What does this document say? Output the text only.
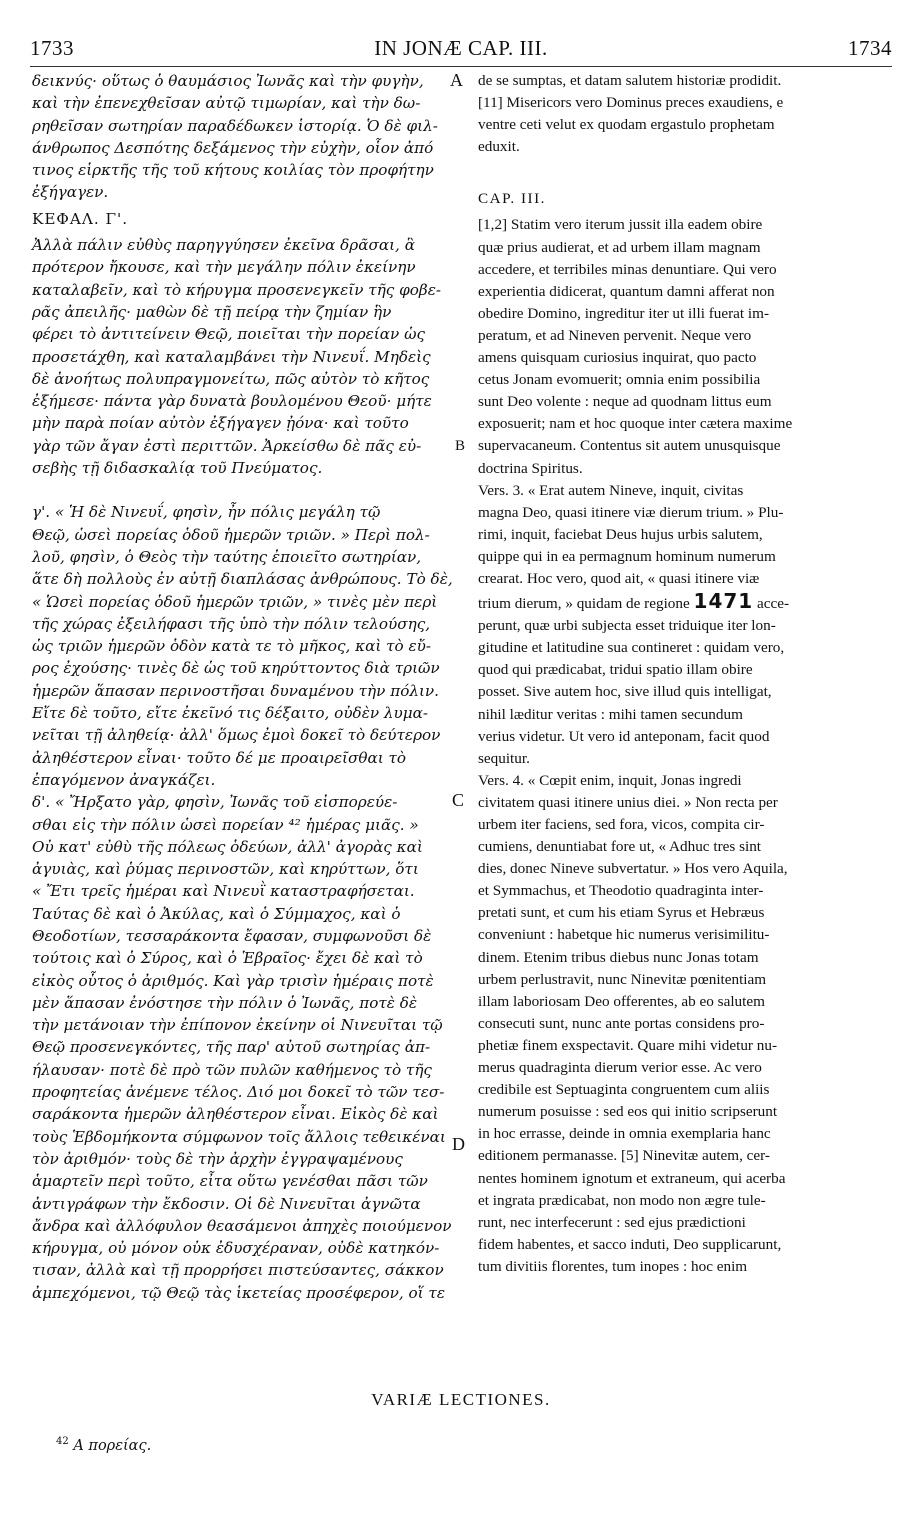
1733	IN JONÆ CAP. III.	1734
A
B
C
D
δεικνύς· οὕτως ὁ θαυμάσιος Ἰωνᾶς καὶ τὴν φυγὴν,
καὶ τὴν ἐπενεχθεῖσαν αὐτῷ τιμωρίαν, καὶ τὴν δω-
ρηθεῖσαν σωτηρίαν παραδέδωκεν ἱστορίᾳ. Ὁ δὲ φιλ-
άνθρωπος Δεσπότης δεξάμενος τὴν εὐχὴν, οἷον ἀπό
τινος εἱρκτῆς τῆς τοῦ κήτους κοιλίας τὸν προφήτην
ἐξήγαγεν.

ΚΕΦΑΛ. Γ'.

Ἀλλὰ πάλιν εὐθὺς παρηγγύησεν ἐκεῖνα δρᾶσαι, ἃ
πρότερον ἤκουσε, καὶ τὴν μεγάλην πόλιν ἐκείνην
καταλαβεῖν, καὶ τὸ κήρυγμα προσενεγκεῖν τῆς φοβε-
ρᾶς ἀπειλῆς· μαθὼν δὲ τῇ πείρᾳ τὴν ζημίαν ἣν
φέρει τὸ ἀντιτείνειν Θεῷ, ποιεῖται τὴν πορείαν ὡς
προσετάχθη, καὶ καταλαμβάνει τὴν Νινευΐ. Μηδεὶς
δὲ ἀνοήτως πολυπραγμονείτω, πῶς αὐτὸν τὸ κῆτος
ἐξήμεσε· πάντα γὰρ δυνατὰ βουλομένου Θεοῦ· μήτε
μὴν παρὰ ποίαν αὐτὸν ἐξήγαγεν ᾐόνα· καὶ τοῦτο
γὰρ τῶν ἄγαν ἐστὶ περιττῶν. Ἀρκείσθω δὲ πᾶς εὐ-
σεβὴς τῇ διδασκαλίᾳ τοῦ Πνεύματος.
γ'. « Ἡ δὲ Νινευΐ, φησὶν, ἦν πόλις μεγάλη τῷ
Θεῷ, ὡσεὶ πορείας ὁδοῦ ἡμερῶν τριῶν. » Περὶ πολ-
λοῦ, φησὶν, ὁ Θεὸς τὴν ταύτης ἐποιεῖτο σωτηρίαν,
ἅτε δὴ πολλοὺς ἐν αὐτῇ διαπλάσας ἀνθρώπους. Τὸ δὲ,
« Ὡσεὶ πορείας ὁδοῦ ἡμερῶν τριῶν, » τινὲς μὲν περὶ
τῆς χώρας ἐξειλήφασι τῆς ὑπὸ τὴν πόλιν τελούσης,
ὡς τριῶν ἡμερῶν ὁδὸν κατὰ τε τὸ μῆκος, καὶ τὸ εὔ-
ρος ἐχούσης· τινὲς δὲ ὡς τοῦ κηρύττοντος διὰ τριῶν
ἡμερῶν ἅπασαν περινοστῆσαι δυναμένου τὴν πόλιν.
Εἴτε δὲ τοῦτο, εἴτε ἐκεῖνό τις δέξαιτο, οὐδὲν λυμα-
νεῖται τῇ ἀληθείᾳ· ἀλλ' ὅμως ἐμοὶ δοκεῖ τὸ δεύτερον
ἀληθέστερον εἶναι· τοῦτο δέ με προαιρεῖσθαι τὸ
ἐπαγόμενον ἀναγκάζει.
δ'. « Ἤρξατο γὰρ, φησὶν, Ἰωνᾶς τοῦ εἰσπορεύε-
σθαι εἰς τὴν πόλιν ὡσεὶ πορείαν ⁴² ἡμέρας μιᾶς. »
Οὐ κατ' εὐθὺ τῆς πόλεως ὁδεύων, ἀλλ' ἀγορὰς καὶ
ἀγυιὰς, καὶ ῥύμας περινοστῶν, καὶ κηρύττων, ὅτι
« Ἔτι τρεῖς ἡμέραι καὶ Νινευῒ καταστραφήσεται.
Ταύτας δὲ καὶ ὁ Ἀκύλας, καὶ ὁ Σύμμαχος, καὶ ὁ
Θεοδοτίων, τεσσαράκοντα ἔφασαν, συμφωνοῦσι δὲ
τούτοις καὶ ὁ Σύρος, καὶ ὁ Ἑβραῖος· ἔχει δὲ καὶ τὸ
εἰκὸς οὗτος ὁ ἀριθμός. Καὶ γὰρ τρισὶν ἡμέραις ποτὲ
μὲν ἅπασαν ἐνόστησε τὴν πόλιν ὁ Ἰωνᾶς, ποτὲ δὲ
τὴν μετάνοιαν τὴν ἐπίπονον ἐκείνην οἱ Νινευῖται τῷ
Θεῷ προσενεγκόντες, τῆς παρ' αὐτοῦ σωτηρίας ἀπ-
ήλαυσαν· ποτὲ δὲ πρὸ τῶν πυλῶν καθήμενος τὸ τῆς
προφητείας ἀνέμενε τέλος. Διό μοι δοκεῖ τὸ τῶν τεσ-
σαράκοντα ἡμερῶν ἀληθέστερον εἶναι. Εἰκὸς δὲ καὶ
τοὺς Ἑβδομήκοντα σύμφωνον τοῖς ἄλλοις τεθεικέναι
τὸν ἀριθμόν· τοὺς δὲ τὴν ἀρχὴν ἐγγραψαμένους
ἁμαρτεῖν περὶ τοῦτο, εἶτα οὕτω γενέσθαι πᾶσι τῶν
ἀντιγράφων τὴν ἔκδοσιν. Οἱ δὲ Νινευῖται ἀγνῶτα
ἄνδρα καὶ ἀλλόφυλον θεασάμενοι ἀπηχὲς ποιούμενον
κήρυγμα, οὐ μόνον οὐκ ἐδυσχέραναν, οὐδὲ κατηκόν-
τισαν, ἀλλὰ καὶ τῇ προρρήσει πιστεύσαντες, σάκκον
ἀμπεχόμενοι, τῷ Θεῷ τὰς ἱκετείας προσέφερον, οἵ τε
de se sumptas, et datam salutem historiæ prodidit.
[11] Misericors vero Dominus preces exaudiens, e
ventre ceti velut ex quodam ergastulo prophetam
eduxit.

CAP. III.

[1,2] Statim vero iterum jussit illa eadem obire
quæ prius audierat, et ad urbem illam magnam
accedere, et terribiles minas denuntiare. Qui vero
experientia didicerat, quantum damni afferat non
obedire Domino, ingreditur iter ut illi fuerat im-
peratum, et ad Nineven pervenit. Neque vero
amens quisquam curiosius inquirat, quo pacto
cetus Jonam evomuerit; omnia enim possibilia
sunt Deo volente : neque ad quodnam littus eum
exposuerit; nam et hoc quoque inter cætera maxime
supervacaneum. Contentus sit autem unusquisque
doctrina Spiritus.
Vers. 3. « Erat autem Nineve, inquit, civitas
magna Deo, quasi itinere viæ dierum trium. » Plu-
rimi, inquit, faciebat Deus hujus urbis salutem,
quippe qui in ea permagnum hominum numerum
crearat. Hoc vero, quod ait, « quasi itinere viæ
trium dierum, » quidam de regione 1471 acce-
perunt, quæ urbi subjecta esset triduique iter lon-
gitudine et latitudine sua contineret : quidam vero,
quod qui prædicabat, tridui spatio illam obire
posset. Sive autem hoc, sive illud quis intelligat,
nihil læditur veritas : mihi tamen secundum
verius videtur. Ut vero id anteponam, facit quod
sequitur.
Vers. 4. « Cœpit enim, inquit, Jonas ingredi
civitatem quasi itinere unius diei. » Non recta per
urbem iter faciens, sed fora, vicos, compita cir-
cumiens, denuntiabat fore ut, « Adhuc tres sint
dies, donec Nineve subvertatur. » Hos vero Aquila,
et Symmachus, et Theodotio quadraginta inter-
pretati sunt, et cum his etiam Syrus et Hebræus
conveniunt : habetque hic numerus verisimilitu-
dinem. Etenim tribus diebus nunc Jonas totam
urbem perlustravit, nunc Ninevitæ pœnitentiam
illam laboriosam Deo offerentes, ab eo salutem
consecuti sunt, nunc ante portas considens pro-
phetiæ finem exspectavit. Quare mihi videtur nu-
merus quadraginta dierum verior esse. Ac vero
credibile est Septuaginta congruentem cum aliis
numerum posuisse : sed eos qui initio scripserunt
in hoc errasse, deinde in omnia exemplaria hanc
editionem permanasse. [5] Ninevitæ autem, cer-
nentes hominem ignotum et extraneum, qui acerba
et ingrata prædicabat, non modo non ægre tule-
runt, nec interfecerunt : sed ejus prædictioni
fidem habentes, et sacco induti, Deo supplicarunt,
tum divitiis florentes, tum inopes : hoc enim
VARIÆ LECTIONES.
$^{42}$ Α πορείας.
